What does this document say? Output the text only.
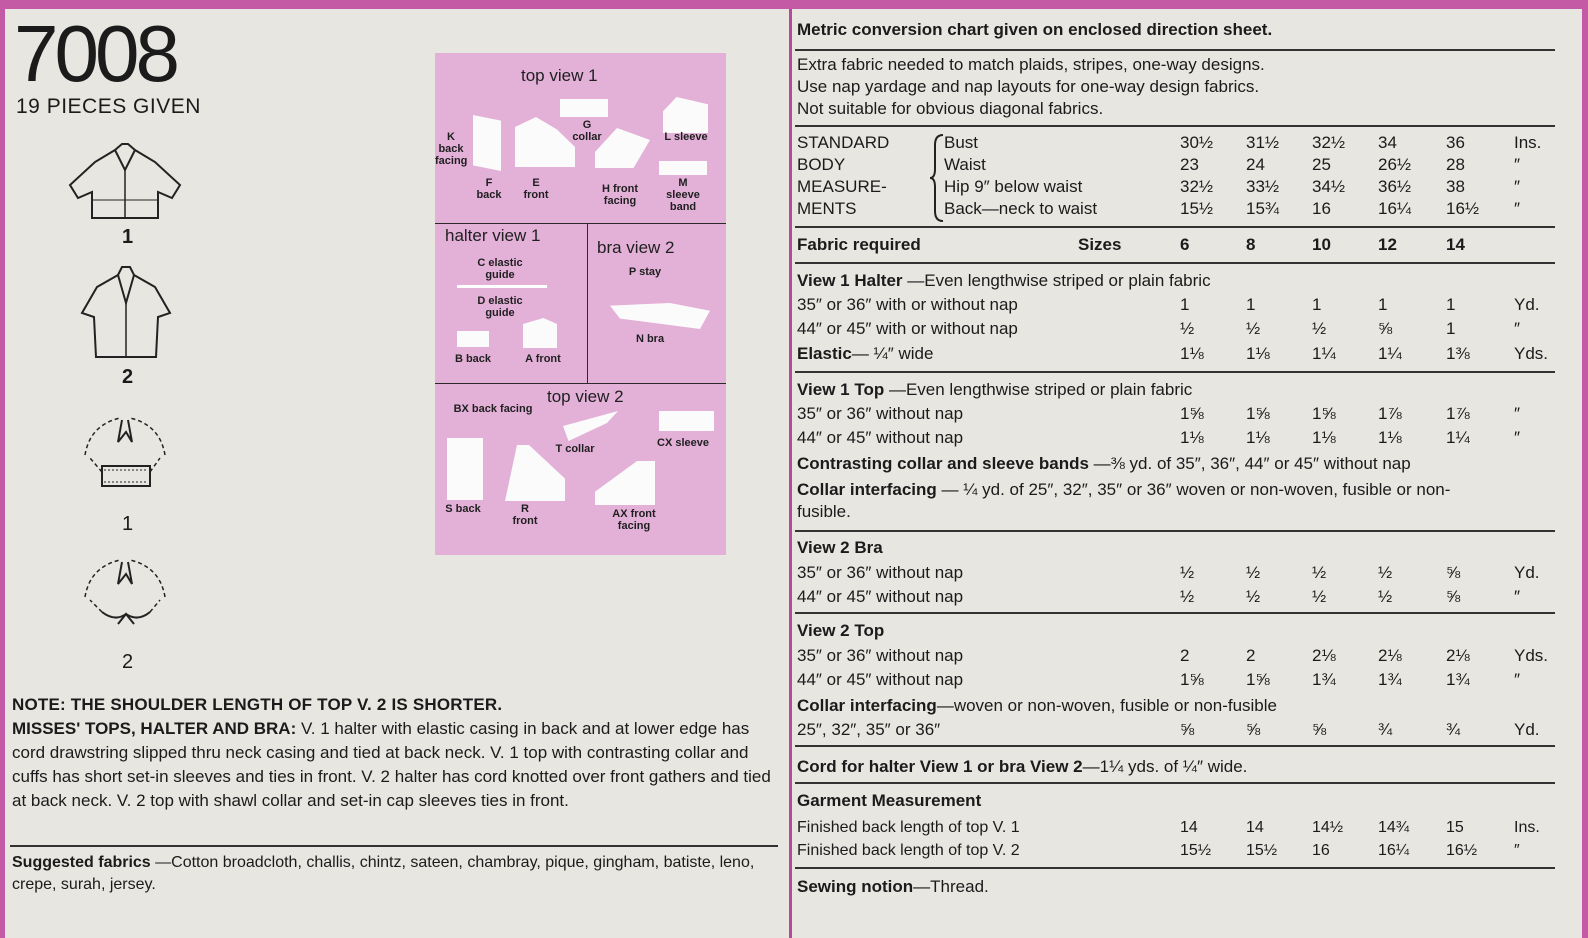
7008
19 PIECES GIVEN
1
2
1
2
top view 1
K back facing
F back
E front
G collar
H front facing
L sleeve
M sleeve band
halter view 1
C elastic guide
D elastic guide
B back	A front
bra view 2
P stay
N bra
top view 2
BX back facing
T collar	CX sleeve
S back	R front
AX front facing
NOTE: THE SHOULDER LENGTH OF TOP V. 2 IS SHORTER.
MISSES' TOPS, HALTER AND BRA: V. 1 halter with elastic casing in back and at lower edge has cord drawstring slipped thru neck casing and tied at back neck. V. 1 top with contrasting collar and cuffs has short set-in sleeves and ties in front. V. 2 halter has cord knotted over front gathers and tied at back neck. V. 2 top with shawl collar and set-in cap sleeves ties in front.
Suggested fabrics —Cotton broadcloth, challis, chintz, sateen, chambray, pique, gingham, batiste, leno, crepe, surah, jersey.
Metric conversion chart given on enclosed direction sheet.
Extra fabric needed to match plaids, stripes, one-way designs.
Use nap yardage and nap layouts for one-way design fabrics.
Not suitable for obvious diagonal fabrics.
STANDARD
BODY
MEASURE-
MENTS
Bust	30½ 31½ 32½ 34	36	Ins.
Waist	23	24	25	26½ 28	″
Hip 9″ below waist	32½ 33½ 34½ 36½ 38	″
Back—neck to waist	15½ 15¾ 16	16¼ 16½ ″
Fabric required	Sizes	6	8	10	12	14
View 1 Halter —Even lengthwise striped or plain fabric
35″ or 36″ with or without nap	1	1	1	1	1	Yd.
44″ or 45″ with or without nap	½	½	½	⅝	1	″
Elastic— ¼″ wide	1⅛ 1⅛ 1¼ 1¼	1⅜	Yds.
View 1 Top —Even lengthwise striped or plain fabric
35″ or 36″ without nap	1⅝ 1⅝ 1⅝ 1⅞	1⅞	″
44″ or 45″ without nap	1⅛ 1⅛ 1⅛ 1⅛	1¼	″
Contrasting collar and sleeve bands —⅜ yd. of 35″, 36″, 44″ or 45″ without nap
Collar interfacing — ¼ yd. of 25″, 32″, 35″ or 36″ woven or non-woven, fusible or non-
fusible.
View 2 Bra
35″ or 36″ without nap	½	½	½	½	⅝	Yd.
44″ or 45″ without nap	½	½	½	½	⅝	″
View 2 Top
35″ or 36″ without nap	2	2	2⅛ 2⅛	2⅛	Yds.
44″ or 45″ without nap	1⅝ 1⅝ 1¾ 1¾	1¾	″
Collar interfacing—woven or non-woven, fusible or non-fusible
25″, 32″, 35″ or 36″	⅝	⅝	⅝	¾	¾	Yd.
Cord for halter View 1 or bra View 2—1¼ yds. of ¼″ wide.
Garment Measurement
Finished back length of top V. 1	14	14	14½ 14¾ 15	Ins.
Finished back length of top V. 2	15½ 15½ 16	16¼ 16½ ″
Sewing notion—Thread.
